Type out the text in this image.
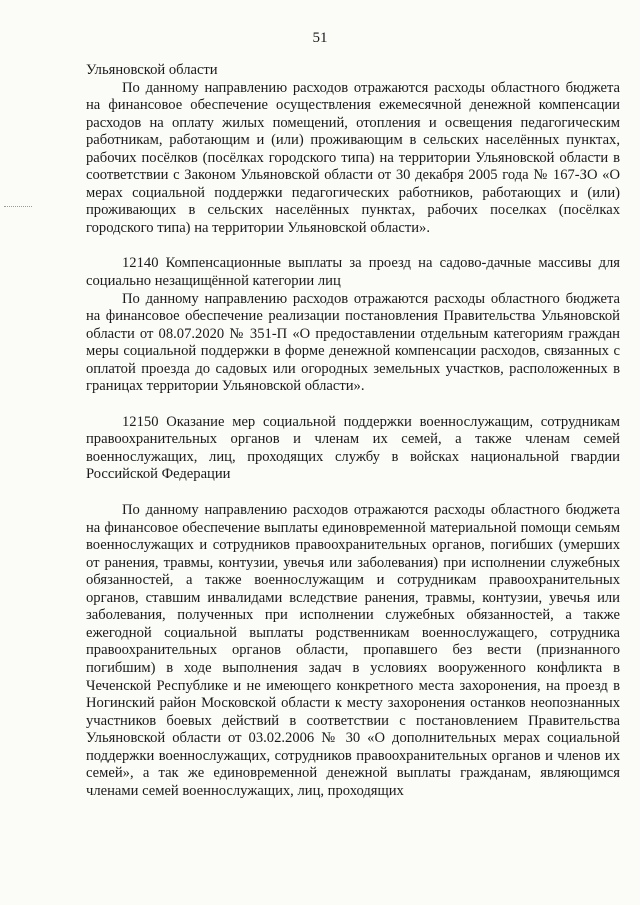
51

Ульяновской области

По данному направлению расходов отражаются расходы областного бюджета на финансовое обеспечение осуществления ежемесячной денежной компенсации расходов на оплату жилых помещений, отопления и освещения педагогическим работникам, работающим и (или) проживающим в сельских населённых пунктах, рабочих посёлков (посёлках городского типа) на территории Ульяновской области в соответствии с Законом Ульяновской области от 30 декабря 2005 года № 167-ЗО «О мерах социальной поддержки педагогических работников, работающих и (или) проживающих в сельских населённых пунктах, рабочих поселках (посёлках городского типа) на территории Ульяновской области».

12140 Компенсационные выплаты за проезд на садово-дачные массивы для социально незащищённой категории лиц

По данному направлению расходов отражаются расходы областного бюджета на финансовое обеспечение реализации постановления Правительства Ульяновской области от 08.07.2020 № 351-П «О предоставлении отдельным категориям граждан меры социальной поддержки в форме денежной компенсации расходов, связанных с оплатой проезда до садовых или огородных земельных участков, расположенных в границах территории Ульяновской области».

12150 Оказание мер социальной поддержки военнослужащим, сотрудникам правоохранительных органов и членам их семей, а также членам семей военнослужащих, лиц, проходящих службу в войсках национальной гвардии Российской Федерации

По данному направлению расходов отражаются расходы областного бюджета на финансовое обеспечение выплаты единовременной материальной помощи семьям военнослужащих и сотрудников правоохранительных органов, погибших (умерших от ранения, травмы, контузии, увечья или заболевания) при исполнении служебных обязанностей, а также военнослужащим и сотрудникам правоохранительных органов, ставшим инвалидами вследствие ранения, травмы, контузии, увечья или заболевания, полученных при исполнении служебных обязанностей, а также ежегодной социальной выплаты родственникам военнослужащего, сотрудника правоохранительных органов области, пропавшего без вести (признанного погибшим) в ходе выполнения задач в условиях вооруженного конфликта в Чеченской Республике и не имеющего конкретного места захоронения, на проезд в Ногинский район Московской области к месту захоронения останков неопознанных участников боевых действий в соответствии с постановлением Правительства Ульяновской области от 03.02.2006 № 30 «О дополнительных мерах социальной поддержки военнослужащих, сотрудников правоохранительных органов и членов их семей», а так же единовременной денежной выплаты гражданам, являющимся членами семей военнослужащих, лиц, проходящих
